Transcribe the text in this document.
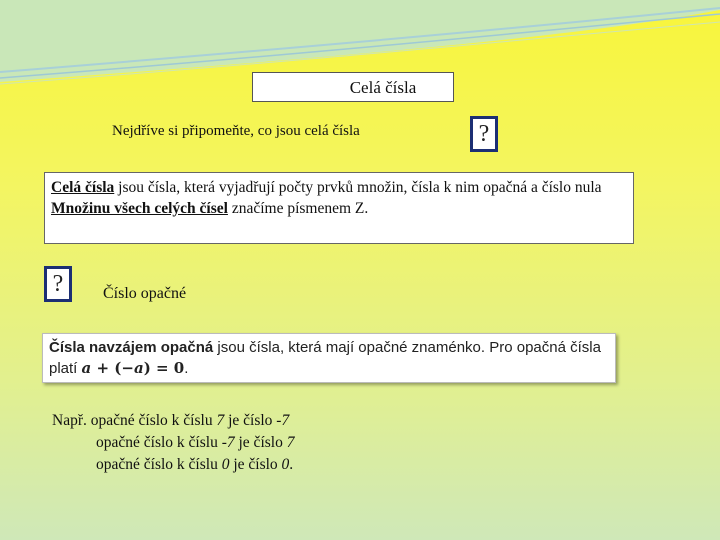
Celá čísla
Nejdříve si připomeňte, co jsou celá čísla	?
Celá čísla jsou čísla, která vyjadřují počty prvků množin, čísla k nim opačná a číslo nula
Množinu všech celých čísel značíme písmenem Z.
?	Číslo opačné
Čísla navzájem opačná jsou čísla, která mají opačné znaménko. Pro opačná čísla platí a + (−a) = 0.
Např. opačné číslo k číslu 7 je číslo -7
opačné číslo k číslu -7 je číslo 7
opačné číslo k číslu 0 je číslo 0.
